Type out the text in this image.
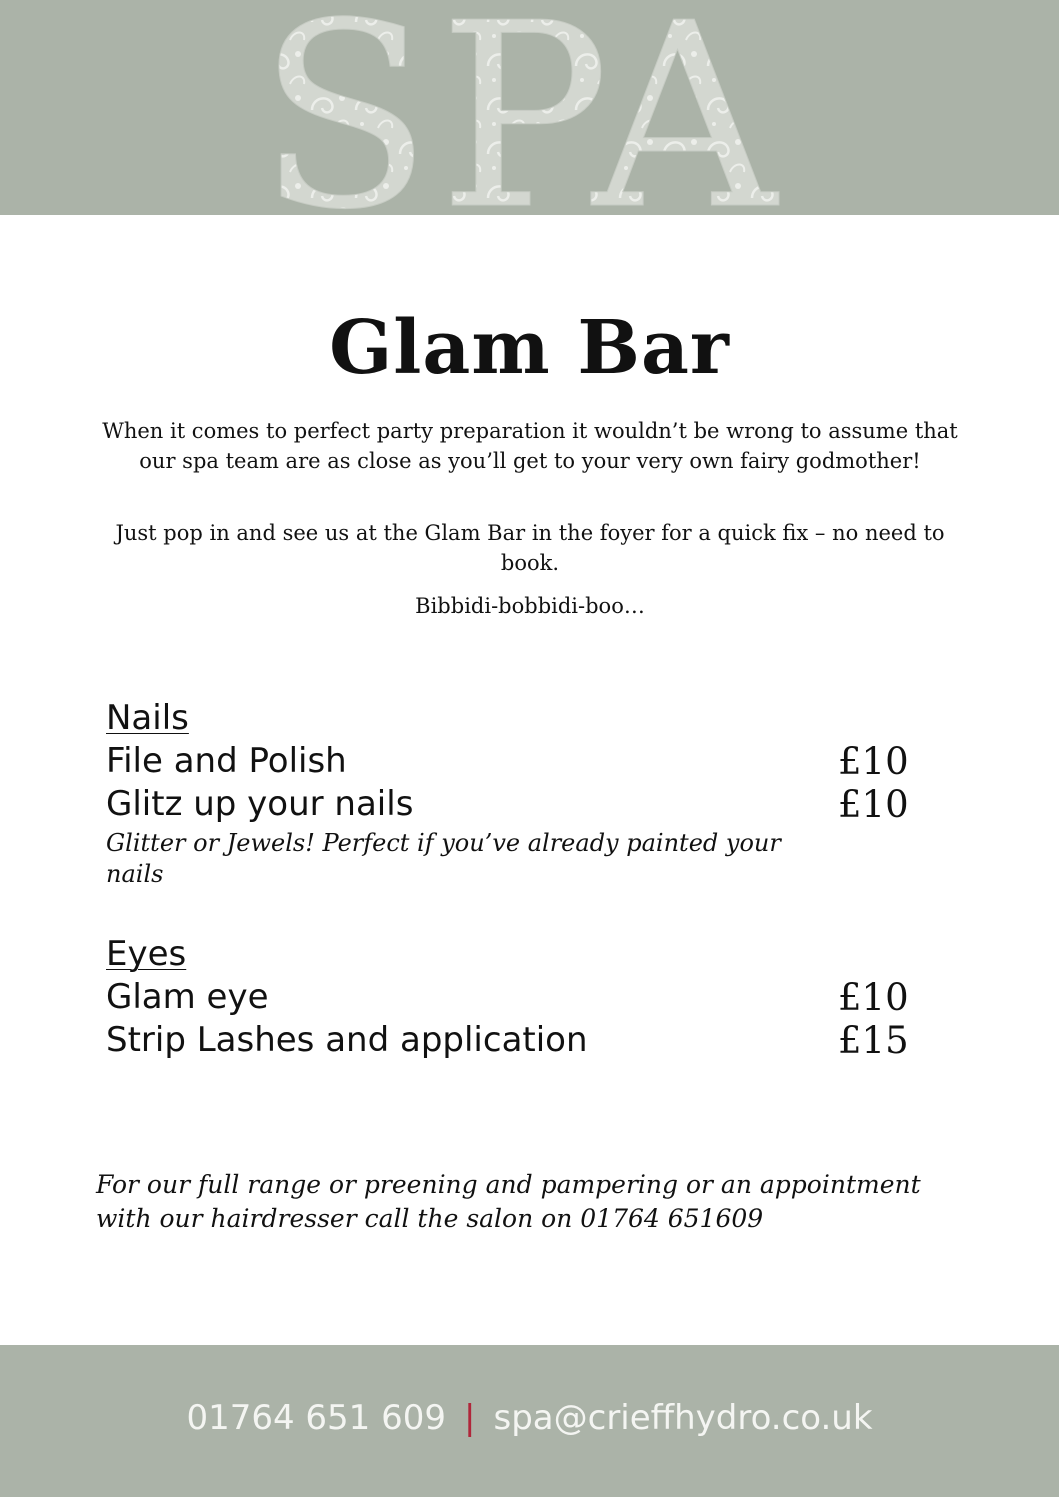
SPA
Glam Bar

When it comes to perfect party preparation it wouldn’t be wrong to assume that our spa team are as close as you’ll get to your very own fairy godmother!

Just pop in and see us at the Glam Bar in the foyer for a quick fix – no need to book.

Bibbidi-bobbidi-boo…

Nails
File and Polish	£10
Glitz up your nails	£10
Glitter or Jewels! Perfect if you’ve already painted your nails
Eyes
Glam eye	£10
Strip Lashes and application	£15
For our full range or preening and pampering or an appointment with our hairdresser call the salon on 01764 651609
01764 651 609 | spa@crieffhydro.co.uk
